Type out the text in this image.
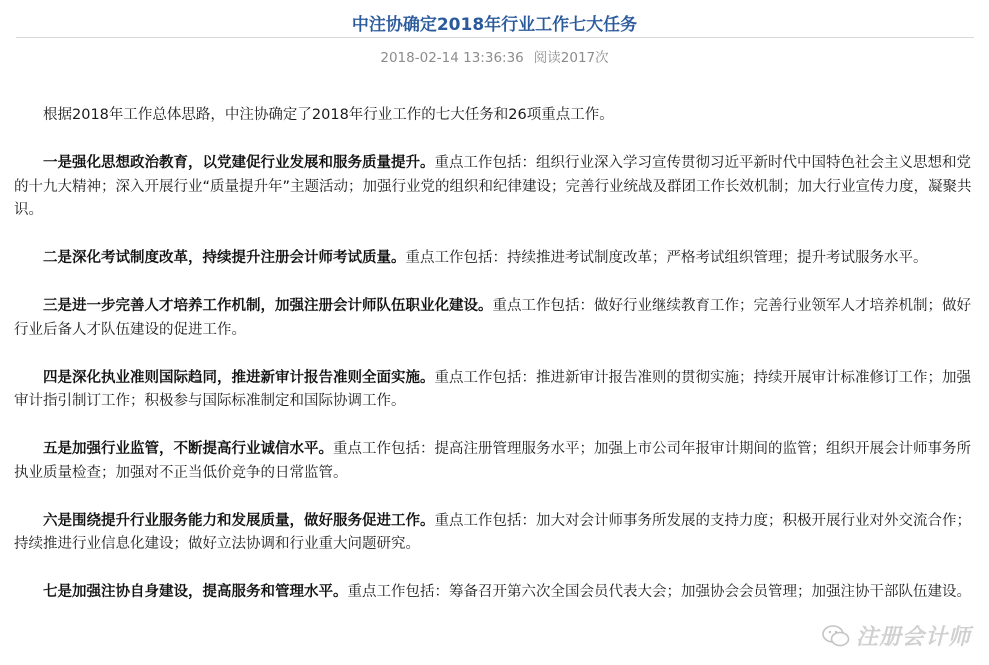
中注协确定2018年行业工作七大任务
2018-02-14 13:36:36 阅读2017次

根据2018年工作总体思路，中注协确定了2018年行业工作的七大任务和26项重点工作。

一是强化思想政治教育，以党建促行业发展和服务质量提升。重点工作包括：组织行业深入学习宣传贯彻习近平新时代中国特色社会主义思想和党的十九大精神；深入开展行业“质量提升年”主题活动；加强行业党的组织和纪律建设；完善行业统战及群团工作长效机制；加大行业宣传力度，凝聚共识。

二是深化考试制度改革，持续提升注册会计师考试质量。重点工作包括：持续推进考试制度改革；严格考试组织管理；提升考试服务水平。

三是进一步完善人才培养工作机制，加强注册会计师队伍职业化建设。重点工作包括：做好行业继续教育工作；完善行业领军人才培养机制；做好行业后备人才队伍建设的促进工作。

四是深化执业准则国际趋同，推进新审计报告准则全面实施。重点工作包括：推进新审计报告准则的贯彻实施；持续开展审计标准修订工作；加强审计指引制订工作；积极参与国际标准制定和国际协调工作。

五是加强行业监管，不断提高行业诚信水平。重点工作包括：提高注册管理服务水平；加强上市公司年报审计期间的监管；组织开展会计师事务所执业质量检查；加强对不正当低价竞争的日常监管。

六是围绕提升行业服务能力和发展质量，做好服务促进工作。重点工作包括：加大对会计师事务所发展的支持力度；积极开展行业对外交流合作；持续推进行业信息化建设；做好立法协调和行业重大问题研究。

七是加强注协自身建设，提高服务和管理水平。重点工作包括：筹备召开第六次全国会员代表大会；加强协会会员管理；加强注协干部队伍建设。

注册会计师
